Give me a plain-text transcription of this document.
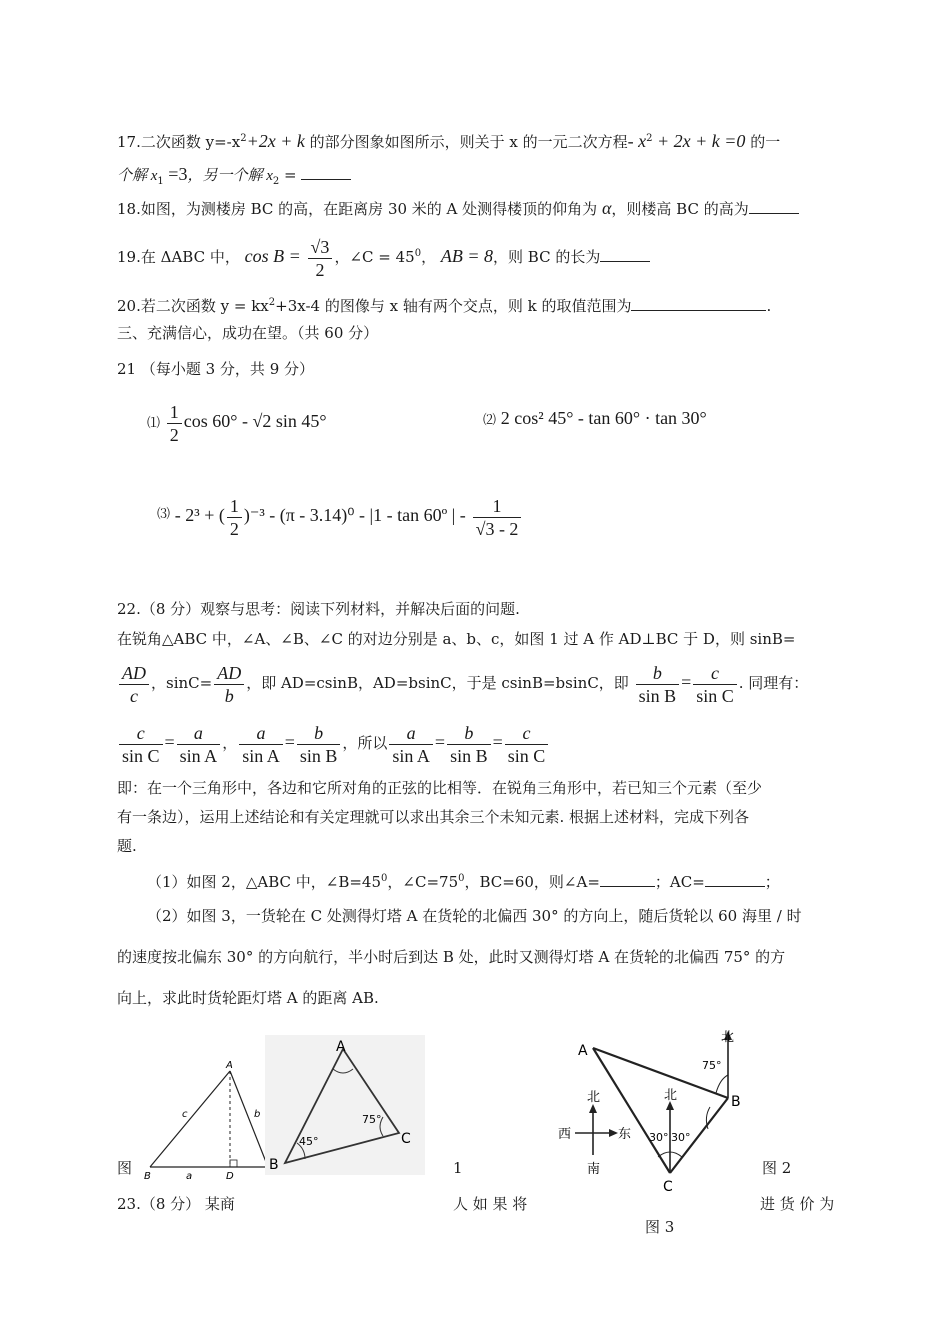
17.二次函数 $y=-x^2+2x + k$ 的部分图象如图所示，则关于 x 的一元二次方程- $x^2 + 2x + k =0$ 的一
个解 $x_1 =3$，另一个解 $x_2$ =
18.如图，为测楼房 BC 的高，在距离房 30 米的 A 处测得楼顶的仰角为 α，则楼高 BC 的高为
19.在 ΔABC 中， $\cos B = \frac{√3}{2}$ ，∠C = $45^0$， AB = 8，则 BC 的长为
20.若二次函数 $y = kx^2+3x-4$ 的图像与 x 轴有两个交点，则 k 的取值范围为	.
三、充满信心，成功在望。（共 60 分）
21 （每小题 3 分，共 9 分）
⑴ $\frac{1}{2}$ cos 60° - √2 sin 45°	⑵ 2 cos² 45° - tan 60° · tan 30°
⑶ - 2³ + ( $\frac{1}{2} )^{-3} - (\pi - 3.14)^0 - |1$ - tan 60º | - $\frac{1}{√3 - 2}$
22.（8 分）观察与思考：阅读下列材料，并解决后面的问题.
在锐角△ABC 中，∠A、∠B、∠C 的对边分别是 a、b、c，如图 1 过 A 作 AD⊥BC 于 D，则 sinB=
$\frac{AD}{c}$ ，$\sin C= \frac{AD}{b}$ ，即 AD=csinB，AD=bsinC，于是 csinB=bsinC，即 $\frac{b}{\text{sin B}} = \frac{c}{\text{sin C}}$ . 同理有：
$\frac{c}{\text{sin C}} = \frac{a}{\text{sin A}}$ ， $\frac{a}{\text{sin A}} = \frac{b}{\text{sin B}}$ ，所以 $\frac{a}{\text{sin A}} = \frac{b}{\text{sin B}} = \frac{c}{\text{sin C}}$
即：在一个三角形中，各边和它所对角的正弦的比相等．在锐角三角形中，若已知三个元素（至少
有一条边），运用上述结论和有关定理就可以求出其余三个未知元素. 根据上述材料，完成下列各
题.
（1）如图 2，△ABC 中，$\angle B=45^0$，$\angle C=75^0$，BC=60，则∠A=	；AC=	；
（2）如图 3，一货轮在 C 处测得灯塔 A 在货轮的北偏西 30° 的方向上，随后货轮以 60 海里 / 时
的速度按北偏东 30° 的方向航行，半小时后到达 B 处，此时又测得灯塔 A 在货轮的北偏西 75° 的方
向上，求此时货轮距灯塔 A 的距离 AB.
A
B	D
c	b
a
A
B
C
45°
75°
A
B
C
北
北
北
西	东
南
75°
30° 30°
图	1	图 2
23.（8 分） 某商	人 如 果 将	进 货 价 为
图 3
